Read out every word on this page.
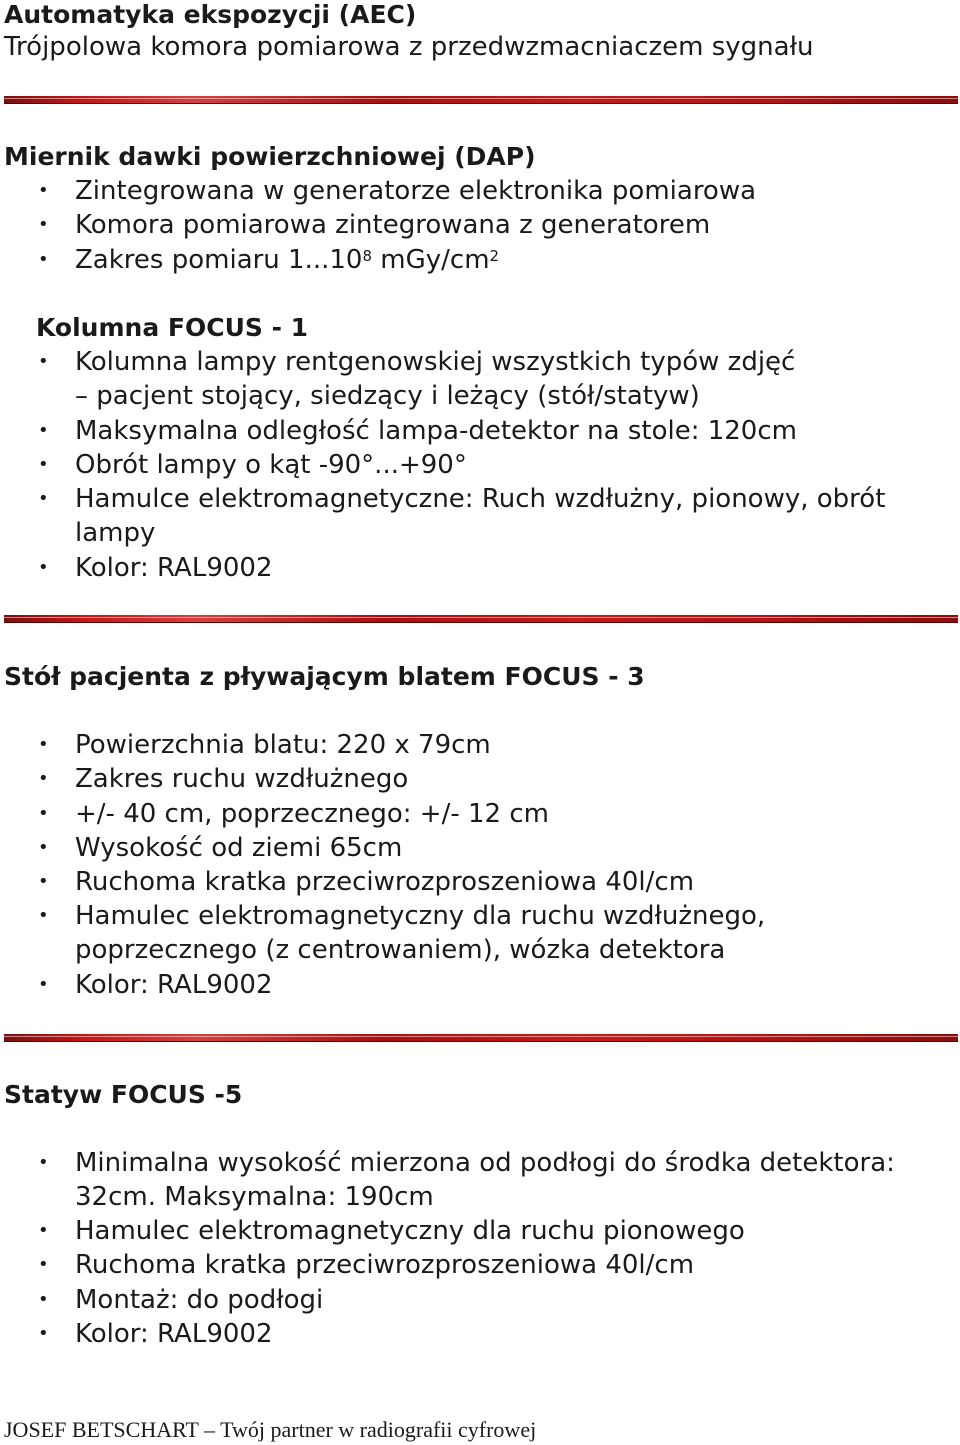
Automatyka ekspozycji (AEC)
Trójpolowa komora pomiarowa z przedwzmacniaczem sygnału
Miernik dawki powierzchniowej (DAP)
• Zintegrowana w generatorze elektronika pomiarowa
• Komora pomiarowa zintegrowana z generatorem
• Zakres pomiaru 1...10$^8$ mGy/$cm^2$
Kolumna FOCUS - 1
• Kolumna lampy rentgenowskiej wszystkich typów zdjęć
– pacjent stojący, siedzący i leżący (stół/statyw)
• Maksymalna odległość lampa-detektor na stole: 120cm
• Obrót lampy o kąt -90°...+90°
• Hamulce elektromagnetyczne: Ruch wzdłużny, pionowy, obrót
lampy
• Kolor: RAL9002
Stół pacjenta z pływającym blatem FOCUS - 3
• Powierzchnia blatu: 220 x 79cm
• Zakres ruchu wzdłużnego
• +/- 40 cm, poprzecznego: +/- 12 cm
• Wysokość od ziemi 65cm
• Ruchoma kratka przeciwrozproszeniowa 40l/cm
• Hamulec elektromagnetyczny dla ruchu wzdłużnego,
poprzecznego (z centrowaniem), wózka detektora
• Kolor: RAL9002
Statyw FOCUS -5
• Minimalna wysokość mierzona od podłogi do środka detektora:
32cm. Maksymalna: 190cm
• Hamulec elektromagnetyczny dla ruchu pionowego
• Ruchoma kratka przeciwrozproszeniowa 40l/cm
• Montaż: do podłogi
• Kolor: RAL9002
JOSEF BETSCHART – Twój partner w radiografii cyfrowej
